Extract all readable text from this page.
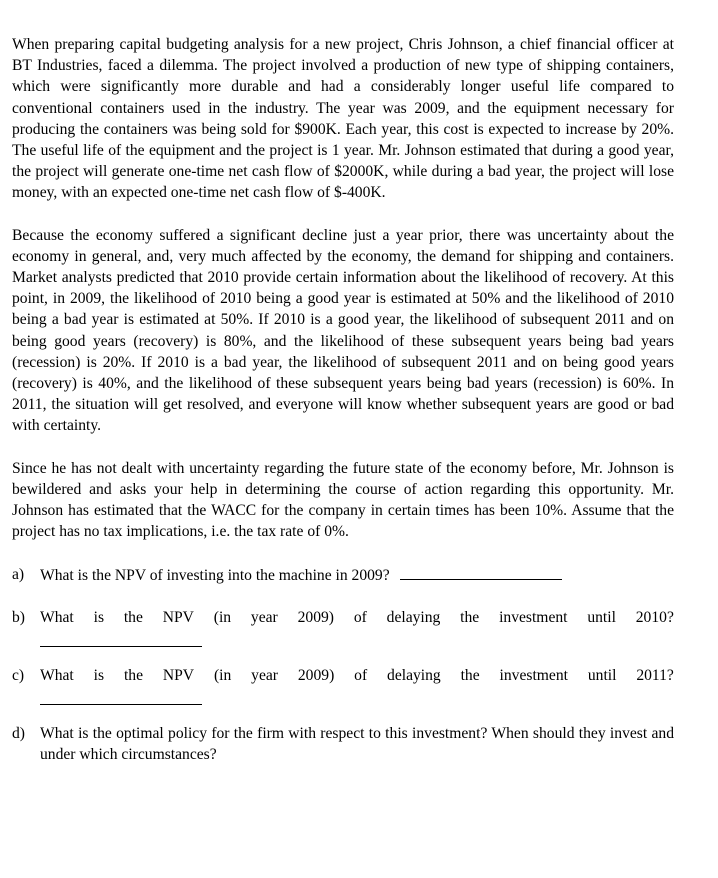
When preparing capital budgeting analysis for a new project, Chris Johnson, a chief financial officer at BT Industries, faced a dilemma. The project involved a production of new type of shipping containers, which were significantly more durable and had a considerably longer useful life compared to conventional containers used in the industry. The year was 2009, and the equipment necessary for producing the containers was being sold for $900K. Each year, this cost is expected to increase by 20%. The useful life of the equipment and the project is 1 year. Mr. Johnson estimated that during a good year, the project will generate one-time net cash flow of $2000K, while during a bad year, the project will lose money, with an expected one-time net cash flow of $-400K.

Because the economy suffered a significant decline just a year prior, there was uncertainty about the economy in general, and, very much affected by the economy, the demand for shipping and containers. Market analysts predicted that 2010 provide certain information about the likelihood of recovery. At this point, in 2009, the likelihood of 2010 being a good year is estimated at 50% and the likelihood of 2010 being a bad year is estimated at 50%. If 2010 is a good year, the likelihood of subsequent 2011 and on being good years (recovery) is 80%, and the likelihood of these subsequent years being bad years (recession) is 20%. If 2010 is a bad year, the likelihood of subsequent 2011 and on being good years (recovery) is 40%, and the likelihood of these subsequent years being bad years (recession) is 60%. In 2011, the situation will get resolved, and everyone will know whether subsequent years are good or bad with certainty.

Since he has not dealt with uncertainty regarding the future state of the economy before, Mr. Johnson is bewildered and asks your help in determining the course of action regarding this opportunity. Mr. Johnson has estimated that the WACC for the company in certain times has been 10%. Assume that the project has no tax implications, i.e. the tax rate of 0%.

a) What is the NPV of investing into the machine in 2009?
b) What is the NPV (in year 2009) of delaying the investment until 2010?
c) What is the NPV (in year 2009) of delaying the investment until 2011?
d) What is the optimal policy for the firm with respect to this investment? When should they invest and under which circumstances?
